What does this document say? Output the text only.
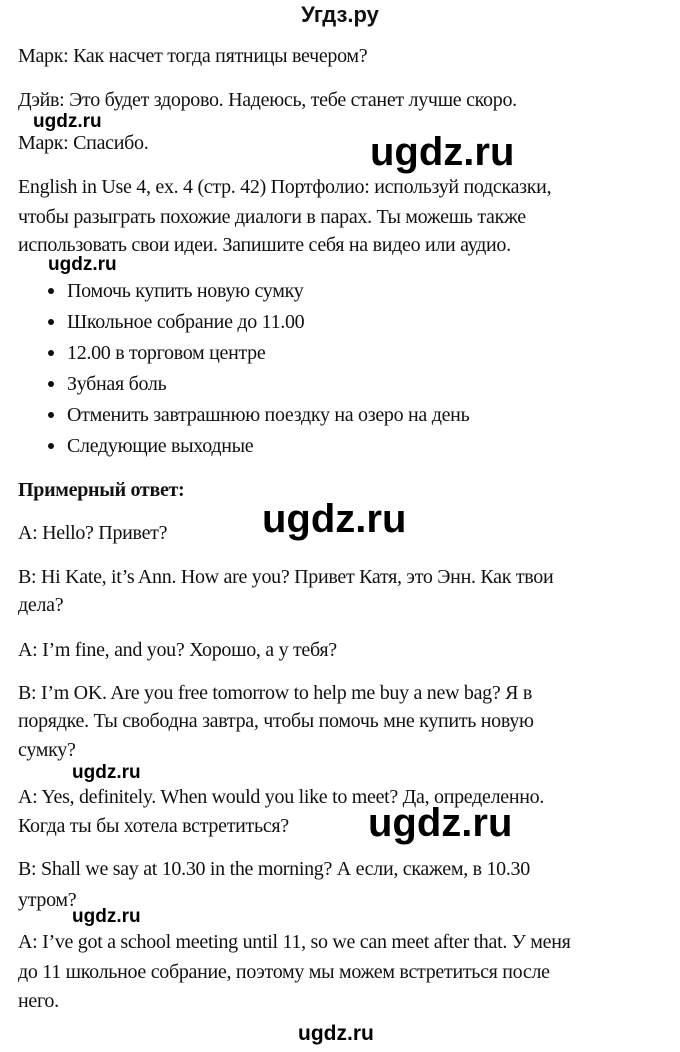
Угдз.ру
Марк: Как насчет тогда пятницы вечером?
Дэйв: Это будет здорово. Надеюсь, тебе станет лучше скоро.
ugdz.ru
Марк: Спасибо.	ugdz.ru
English in Use 4, ex. 4 (стр. 42) Портфолио: используй подсказки,
чтобы разыграть похожие диалоги в парах. Ты можешь также
использовать свои идеи. Запишите себя на видео или аудио.
ugdz.ru
Помочь купить новую сумку
Школьное собрание до 11.00
12.00 в торговом центре
Зубная боль
Отменить завтрашнюю поездку на озеро на день
Следующие выходные
Примерный ответ:
A: Hello? Привет? ugdz.ru
B: Hi Kate, it’s Ann. How are you? Привет Катя, это Энн. Как твои
дела?
A: I’m fine, and you? Хорошо, а у тебя?
B: I’m OK. Are you free tomorrow to help me buy a new bag? Я в
порядке. Ты свободна завтра, чтобы помочь мне купить новую
сумку?
ugdz.ru
A: Yes, definitely. When would you like to meet? Да, определенно.
Когда ты бы хотела встретиться? ugdz.ru
B: Shall we say at 10.30 in the morning? А если, скажем, в 10.30
утром?
ugdz.ru
A: I’ve got a school meeting until 11, so we can meet after that. У меня
до 11 школьное собрание, поэтому мы можем встретиться после
него.
ugdz.ru
